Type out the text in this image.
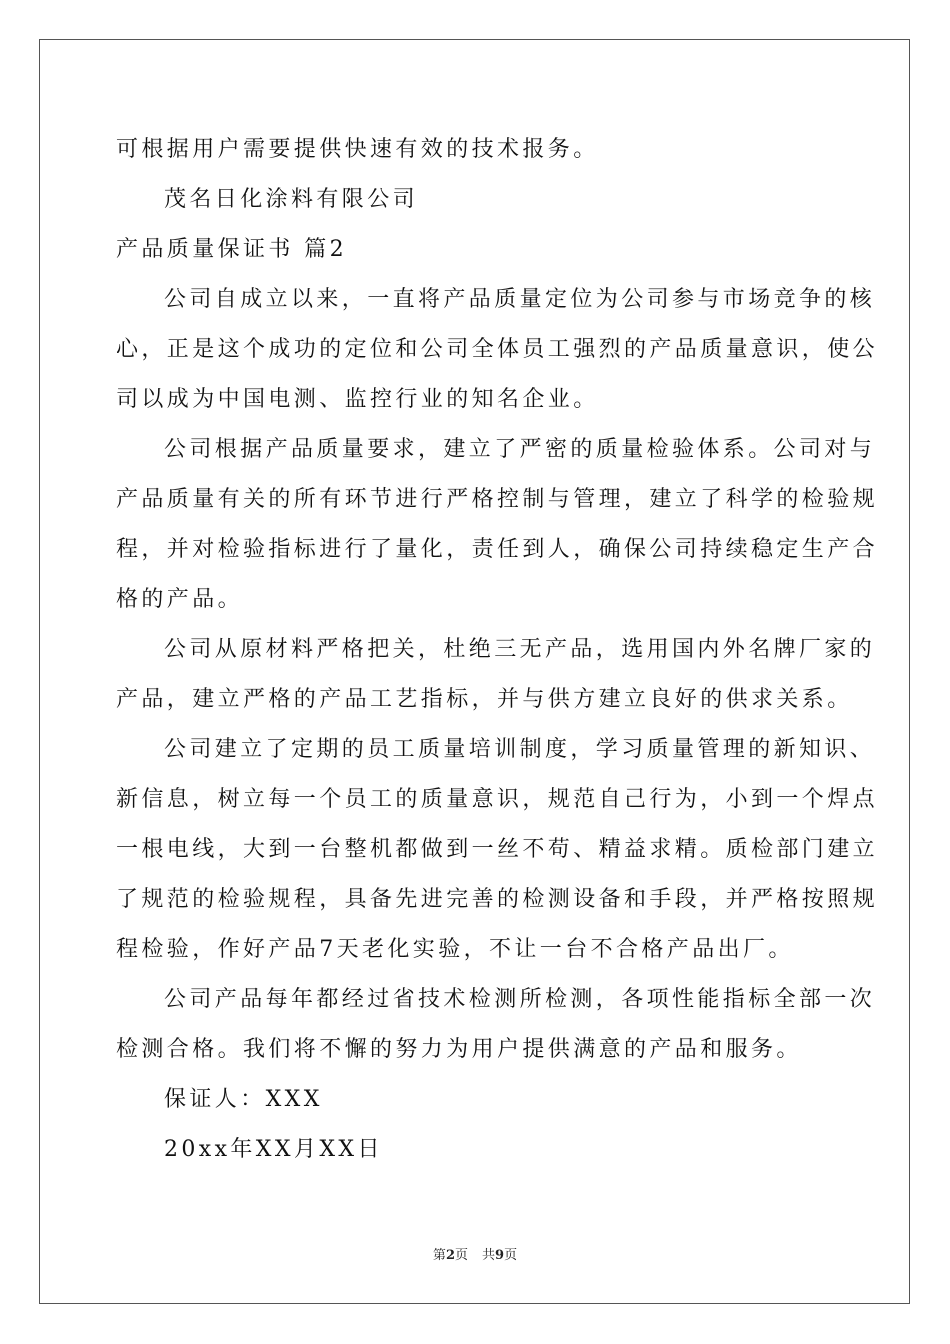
可根据用户需要提供快速有效的技术报务。
茂名日化涂料有限公司
产品质量保证书 篇2
公司自成立以来，一直将产品质量定位为公司参与市场竞争的核
心，正是这个成功的定位和公司全体员工强烈的产品质量意识，使公
司以成为中国电测、监控行业的知名企业。
公司根据产品质量要求，建立了严密的质量检验体系。公司对与
产品质量有关的所有环节进行严格控制与管理，建立了科学的检验规
程，并对检验指标进行了量化，责任到人，确保公司持续稳定生产合
格的产品。
公司从原材料严格把关，杜绝三无产品，选用国内外名牌厂家的
产品，建立严格的产品工艺指标，并与供方建立良好的供求关系。
公司建立了定期的员工质量培训制度，学习质量管理的新知识、
新信息，树立每一个员工的质量意识，规范自己行为，小到一个焊点
一根电线，大到一台整机都做到一丝不苟、精益求精。质检部门建立
了规范的检验规程，具备先进完善的检测设备和手段，并严格按照规
程检验，作好产品7天老化实验，不让一台不合格产品出厂。
公司产品每年都经过省技术检测所检测，各项性能指标全部一次
检测合格。我们将不懈的努力为用户提供满意的产品和服务。
保证人：XXX
20xx年XX月XX日
第2页 共9页
